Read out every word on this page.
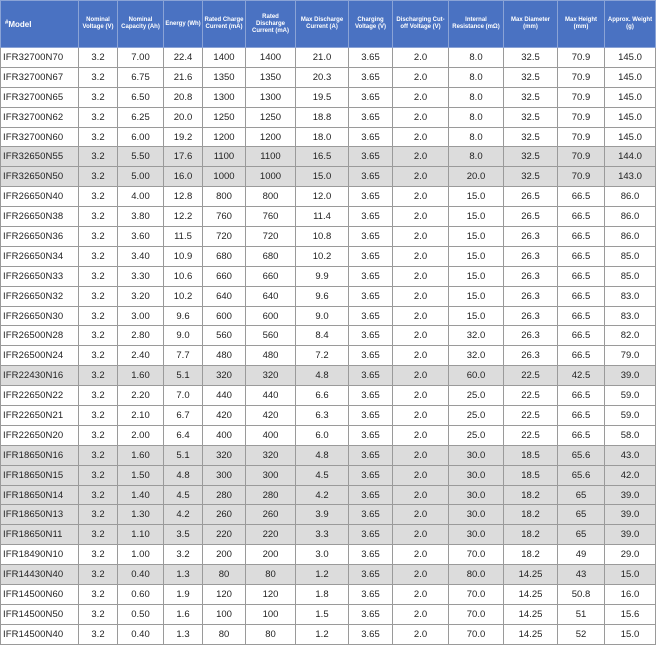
#Model	Nominal Voltage (V)	Nominal Capacity (Ah)	Energy (Wh)	Rated Charge Current (mA)	Rated Discharge Current (mA)	Max Discharge Current (A)	Charging Voltage (V)	Discharging Cut-off Voltage (V)	Internal Resistance (mΩ)	Max Diameter (mm)	Max Height (mm)	Approx. Weight (g)
IFR32700N70	3.2	7.00	22.4	1400	1400	21.0	3.65	2.0	8.0	32.5	70.9	145.0
IFR32700N67	3.2	6.75	21.6	1350	1350	20.3	3.65	2.0	8.0	32.5	70.9	145.0
IFR32700N65	3.2	6.50	20.8	1300	1300	19.5	3.65	2.0	8.0	32.5	70.9	145.0
IFR32700N62	3.2	6.25	20.0	1250	1250	18.8	3.65	2.0	8.0	32.5	70.9	145.0
IFR32700N60	3.2	6.00	19.2	1200	1200	18.0	3.65	2.0	8.0	32.5	70.9	145.0
IFR32650N55	3.2	5.50	17.6	1100	1100	16.5	3.65	2.0	8.0	32.5	70.9	144.0
IFR32650N50	3.2	5.00	16.0	1000	1000	15.0	3.65	2.0	20.0	32.5	70.9	143.0
IFR26650N40	3.2	4.00	12.8	800	800	12.0	3.65	2.0	15.0	26.5	66.5	86.0
IFR26650N38	3.2	3.80	12.2	760	760	11.4	3.65	2.0	15.0	26.5	66.5	86.0
IFR26650N36	3.2	3.60	11.5	720	720	10.8	3.65	2.0	15.0	26.3	66.5	86.0
IFR26650N34	3.2	3.40	10.9	680	680	10.2	3.65	2.0	15.0	26.3	66.5	85.0
IFR26650N33	3.2	3.30	10.6	660	660	9.9	3.65	2.0	15.0	26.3	66.5	85.0
IFR26650N32	3.2	3.20	10.2	640	640	9.6	3.65	2.0	15.0	26.3	66.5	83.0
IFR26650N30	3.2	3.00	9.6	600	600	9.0	3.65	2.0	15.0	26.3	66.5	83.0
IFR26500N28	3.2	2.80	9.0	560	560	8.4	3.65	2.0	32.0	26.3	66.5	82.0
IFR26500N24	3.2	2.40	7.7	480	480	7.2	3.65	2.0	32.0	26.3	66.5	79.0
IFR22430N16	3.2	1.60	5.1	320	320	4.8	3.65	2.0	60.0	22.5	42.5	39.0
IFR22650N22	3.2	2.20	7.0	440	440	6.6	3.65	2.0	25.0	22.5	66.5	59.0
IFR22650N21	3.2	2.10	6.7	420	420	6.3	3.65	2.0	25.0	22.5	66.5	59.0
IFR22650N20	3.2	2.00	6.4	400	400	6.0	3.65	2.0	25.0	22.5	66.5	58.0
IFR18650N16	3.2	1.60	5.1	320	320	4.8	3.65	2.0	30.0	18.5	65.6	43.0
IFR18650N15	3.2	1.50	4.8	300	300	4.5	3.65	2.0	30.0	18.5	65.6	42.0
IFR18650N14	3.2	1.40	4.5	280	280	4.2	3.65	2.0	30.0	18.2	65	39.0
IFR18650N13	3.2	1.30	4.2	260	260	3.9	3.65	2.0	30.0	18.2	65	39.0
IFR18650N11	3.2	1.10	3.5	220	220	3.3	3.65	2.0	30.0	18.2	65	39.0
IFR18490N10	3.2	1.00	3.2	200	200	3.0	3.65	2.0	70.0	18.2	49	29.0
IFR14430N40	3.2	0.40	1.3	80	80	1.2	3.65	2.0	80.0	14.25	43	15.0
IFR14500N60	3.2	0.60	1.9	120	120	1.8	3.65	2.0	70.0	14.25	50.8	16.0
IFR14500N50	3.2	0.50	1.6	100	100	1.5	3.65	2.0	70.0	14.25	51	15.6
IFR14500N40	3.2	0.40	1.3	80	80	1.2	3.65	2.0	70.0	14.25	52	15.0
